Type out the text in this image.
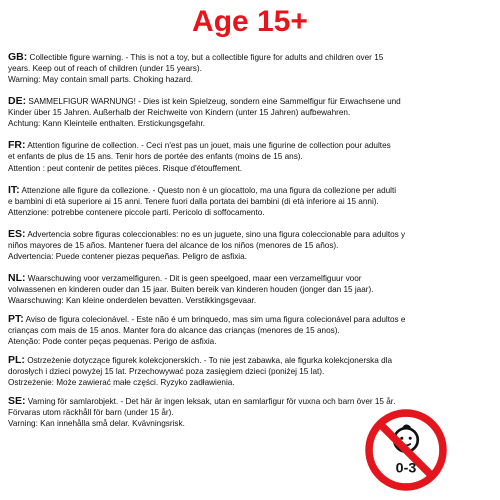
Age 15+
GB: Collectible figure warning. - This is not a toy, but a collectible figure for adults and children over 15
years. Keep out of reach of children (under 15 years).
Warning: May contain small parts. Choking hazard.
DE: SAMMELFIGUR WARNUNG! - Dies ist kein Spielzeug, sondern eine Sammelfigur für Erwachsene und
Kinder über 15 Jahren. Außerhalb der Reichweite von Kindern (unter 15 Jahren) aufbewahren.
Achtung: Kann Kleinteile enthalten. Erstickungsgefahr.
FR: Attention figurine de collection. - Ceci n'est pas un jouet, mais une figurine de collection pour adultes
et enfants de plus de 15 ans. Tenir hors de portée des enfants (moins de 15 ans).
Attention : peut contenir de petites pièces. Risque d'étouffement.
IT: Attenzione alle figure da collezione. - Questo non è un giocattolo, ma una figura da collezione per adulti
e bambini di età superiore ai 15 anni. Tenere fuori dalla portata dei bambini (di età inferiore ai 15 anni).
Attenzione: potrebbe contenere piccole parti. Pericolo di soffocamento.
ES: Advertencia sobre figuras coleccionables: no es un juguete, sino una figura coleccionable para adultos y
niños mayores de 15 años. Mantener fuera del alcance de los niños (menores de 15 años).
Advertencia: Puede contener piezas pequeñas. Peligro de asfixia.
NL: Waarschuwing voor verzamelfiguren. - Dit is geen speelgoed, maar een verzamelfiguur voor
volwassenen en kinderen ouder dan 15 jaar. Buiten bereik van kinderen houden (jonger dan 15 jaar).
Waarschuwing: Kan kleine onderdelen bevatten. Verstikkingsgevaar.
PT: Aviso de figura colecionável. - Este não é um brinquedo, mas sim uma figura colecionável para adultos e
crianças com mais de 15 anos. Manter fora do alcance das crianças (menores de 15 anos).
Atenção: Pode conter peças pequenas. Perigo de asfixia.
PL: Ostrzeżenie dotyczące figurek kolekcjonerskich. - To nie jest zabawka, ale figurka kolekcjonerska dla
dorosłych i dzieci powyżej 15 lat. Przechowywać poza zasięgiem dzieci (poniżej 15 lat).
Ostrzeżenie: Może zawierać małe części. Ryzyko zadławienia.
SE: Varning för samlarobjekt. - Det här är ingen leksak, utan en samlarfigur för vuxna och barn över 15 år.
Förvaras utom räckhåll för barn (under 15 år).
Varning: Kan innehålla små delar. Kvävningsrisk.
0-3
